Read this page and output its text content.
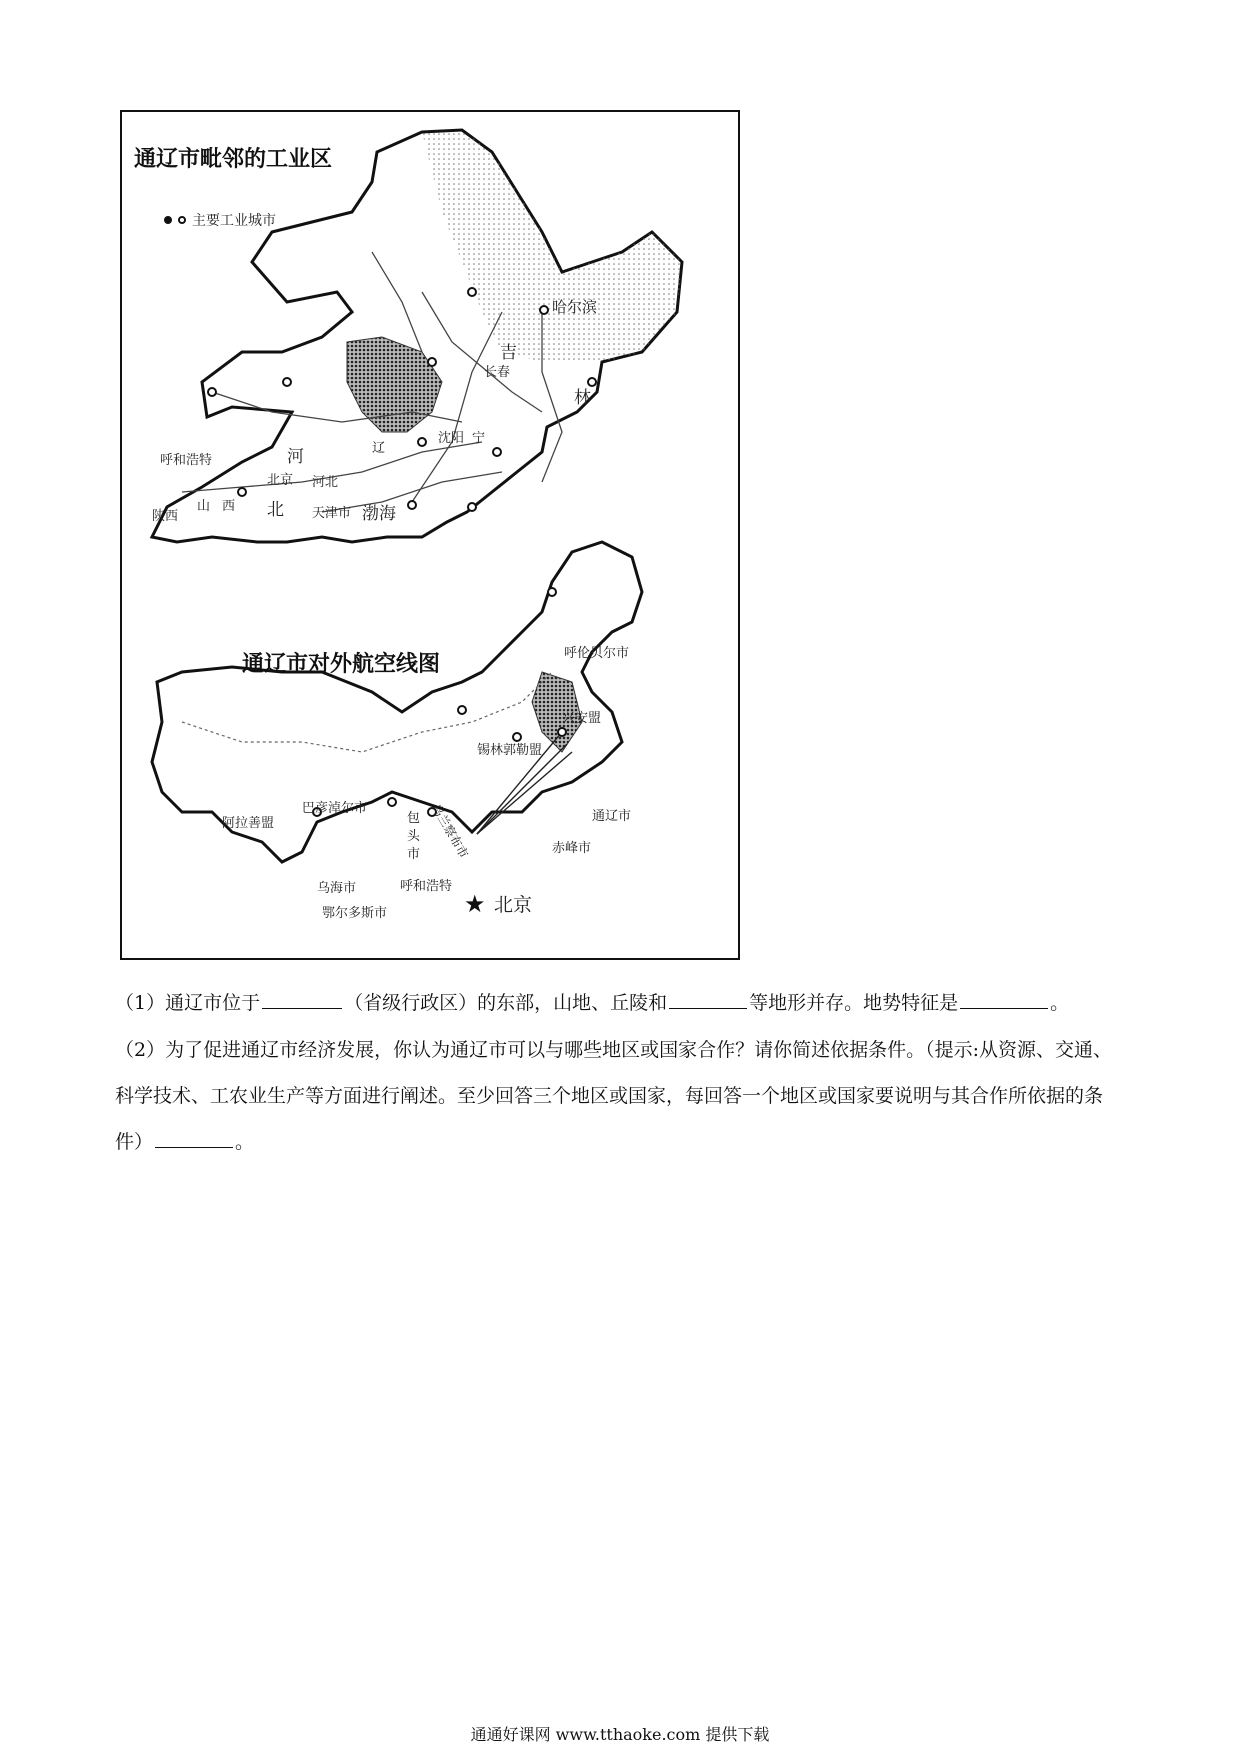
通辽市毗邻的工业区
主要工业城市
哈尔滨
吉
长春
林
沈阳 宁
辽
呼和浩特	河
北京 河北
北 天津市 渤海
陕西
山 西
通辽市对外航空线图	呼伦贝尔市
兴安盟
锡林郭勒盟
通辽市
赤峰市
阿拉善盟
巴彦淖尔市
包
头
市 乌兰察布市
乌海市	呼和浩特
鄂尔多斯市	★ 北京
（1）通辽市位于	（省级行政区）的东部，山地、丘陵和	等地形并存。地势特征是	。
（2）为了促进通辽市经济发展，你认为通辽市可以与哪些地区或国家合作？请你简述依据条件。（提示:从资源、交通、科学技术、工农业生产等方面进行阐述。至少回答三个地区或国家，每回答一个地区或国家要说明与其合作所依据的条件）	。
通通好课网 www.tthaoke.com 提供下载
